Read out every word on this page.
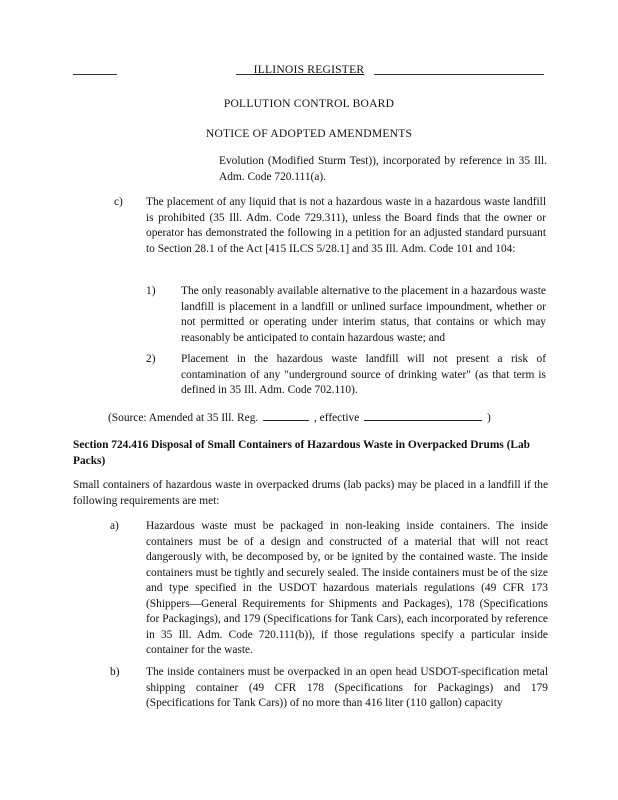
ILLINOIS REGISTER
POLLUTION CONTROL BOARD
NOTICE OF ADOPTED AMENDMENTS
Evolution (Modified Sturm Test)), incorporated by reference in 35 Ill. Adm. Code 720.111(a).
c) The placement of any liquid that is not a hazardous waste in a hazardous waste landfill is prohibited (35 Ill. Adm. Code 729.311), unless the Board finds that the owner or operator has demonstrated the following in a petition for an adjusted standard pursuant to Section 28.1 of the Act [415 ILCS 5/28.1] and 35 Ill. Adm. Code 101 and 104:
1) The only reasonably available alternative to the placement in a hazardous waste landfill is placement in a landfill or unlined surface impoundment, whether or not permitted or operating under interim status, that contains or which may reasonably be anticipated to contain hazardous waste; and
2) Placement in the hazardous waste landfill will not present a risk of contamination of any "underground source of drinking water" (as that term is defined in 35 Ill. Adm. Code 702.110).
(Source: Amended at 35 Ill. Reg.	, effective	)
Section 724.416 Disposal of Small Containers of Hazardous Waste in Overpacked Drums (Lab Packs)
Small containers of hazardous waste in overpacked drums (lab packs) may be placed in a landfill if the following requirements are met:
a) Hazardous waste must be packaged in non-leaking inside containers. The inside containers must be of a design and constructed of a material that will not react dangerously with, be decomposed by, or be ignited by the contained waste. The inside containers must be tightly and securely sealed. The inside containers must be of the size and type specified in the USDOT hazardous materials regulations (49 CFR 173 (Shippers—General Requirements for Shipments and Packages), 178 (Specifications for Packagings), and 179 (Specifications for Tank Cars), each incorporated by reference in 35 Ill. Adm. Code 720.111(b)), if those regulations specify a particular inside container for the waste.
b) The inside containers must be overpacked in an open head USDOT-specification metal shipping container (49 CFR 178 (Specifications for Packagings) and 179 (Specifications for Tank Cars)) of no more than 416 liter (110 gallon) capacity
